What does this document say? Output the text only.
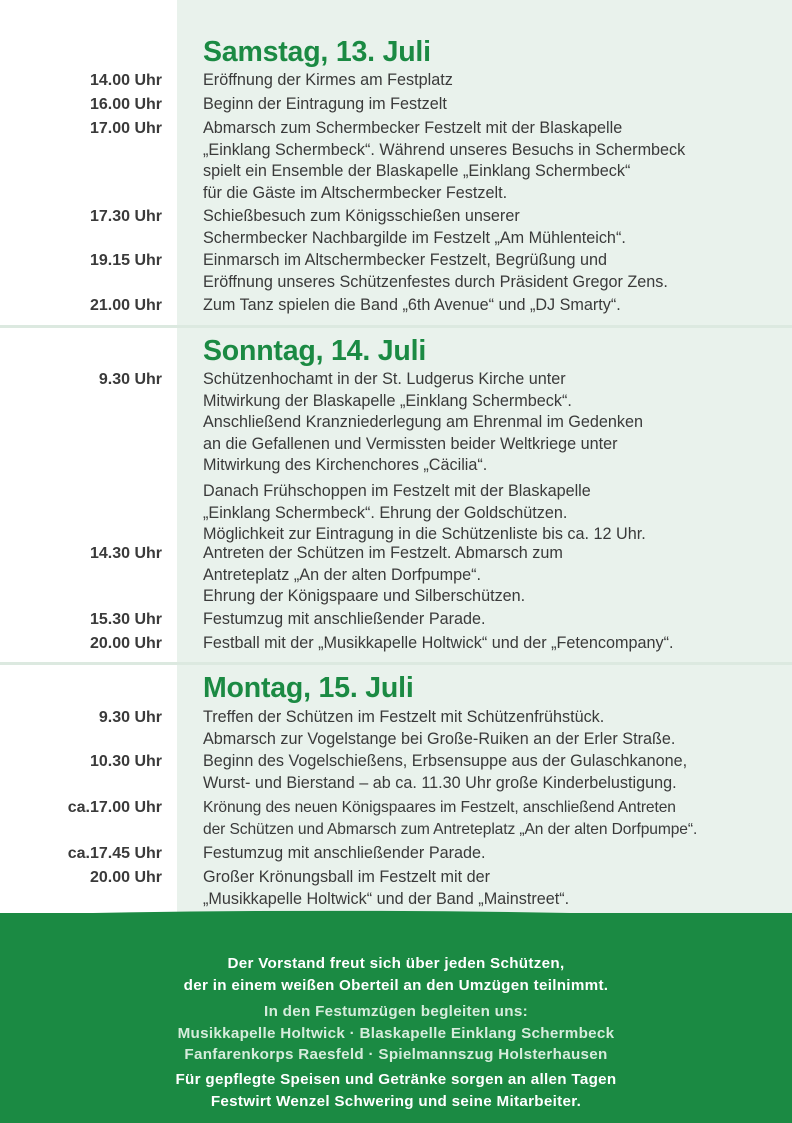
Samstag, 13. Juli
14.00 Uhr	Eröffnung der Kirmes am Festplatz
16.00 Uhr	Beginn der Eintragung im Festzelt
17.00 Uhr	Abmarsch zum Schermbecker Festzelt mit der Blaskapelle
„Einklang Schermbeck“. Während unseres Besuchs in Schermbeck
spielt ein Ensemble der Blaskapelle „Einklang Schermbeck“
für die Gäste im Altschermbecker Festzelt.
17.30 Uhr	Schießbesuch zum Königsschießen unserer
Schermbecker Nachbargilde im Festzelt „Am Mühlenteich“.
19.15 Uhr	Einmarsch im Altschermbecker Festzelt, Begrüßung und
Eröffnung unseres Schützenfestes durch Präsident Gregor Zens.
21.00 Uhr	Zum Tanz spielen die Band „6th Avenue“ und „DJ Smarty“.
Sonntag, 14. Juli
9.30 Uhr	Schützenhochamt in der St. Ludgerus Kirche unter
Mitwirkung der Blaskapelle „Einklang Schermbeck“.
Anschließend Kranzniederlegung am Ehrenmal im Gedenken
an die Gefallenen und Vermissten beider Weltkriege unter
Mitwirkung des Kirchenchores „Cäcilia“.
Danach Frühschoppen im Festzelt mit der Blaskapelle
„Einklang Schermbeck“. Ehrung der Goldschützen.
Möglichkeit zur Eintragung in die Schützenliste bis ca. 12 Uhr.
14.30 Uhr	Antreten der Schützen im Festzelt. Abmarsch zum
Antreteplatz „An der alten Dorfpumpe“.
Ehrung der Königspaare und Silberschützen.
15.30 Uhr	Festumzug mit anschließender Parade.
20.00 Uhr	Festball mit der „Musikkapelle Holtwick“ und der „Fetencompany“.
Montag, 15. Juli
9.30 Uhr	Treffen der Schützen im Festzelt mit Schützenfrühstück.
Abmarsch zur Vogelstange bei Große-Ruiken an der Erler Straße.
10.30 Uhr	Beginn des Vogelschießens, Erbsensuppe aus der Gulaschkanone,
Wurst- und Bierstand – ab ca. 11.30 Uhr große Kinderbelustigung.
ca.17.00 Uhr	Krönung des neuen Königspaares im Festzelt, anschließend Antreten
der Schützen und Abmarsch zum Antreteplatz „An der alten Dorfpumpe“.
ca.17.45 Uhr	Festumzug mit anschließender Parade.
20.00 Uhr	Großer Krönungsball im Festzelt mit der
„Musikkapelle Holtwick“ und der Band „Mainstreet“.
Der Vorstand freut sich über jeden Schützen,
der in einem weißen Oberteil an den Umzügen teilnimmt.
In den Festumzügen begleiten uns:
Musikkapelle Holtwick · Blaskapelle Einklang Schermbeck
Fanfarenkorps Raesfeld · Spielmannszug Holsterhausen
Für gepflegte Speisen und Getränke sorgen an allen Tagen
Festwirt Wenzel Schwering und seine Mitarbeiter.
